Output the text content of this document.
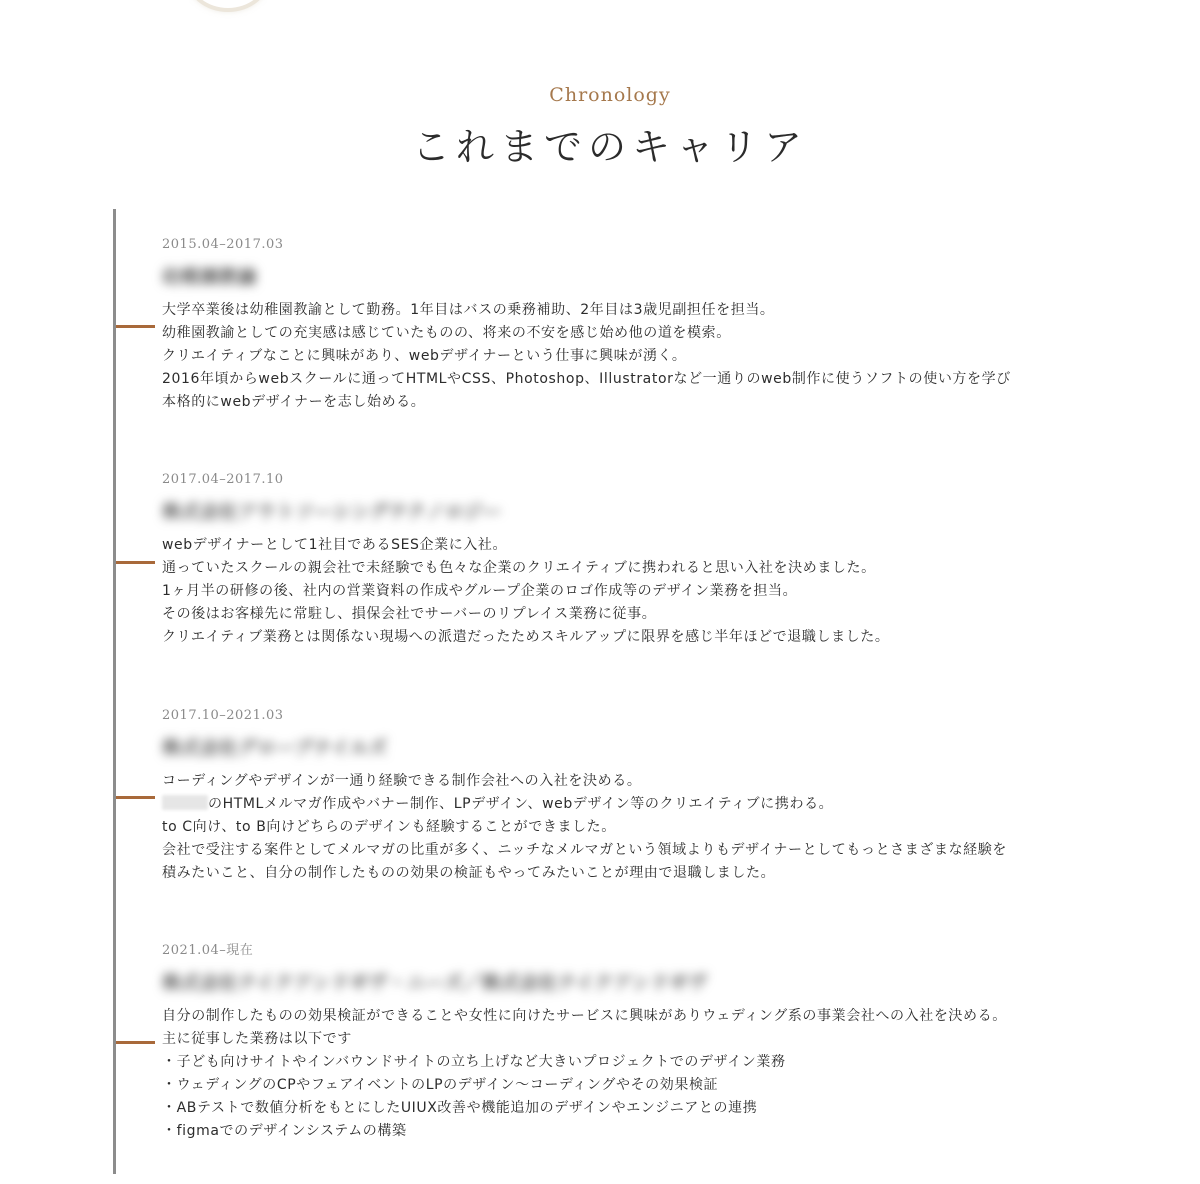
Chronology
これまでのキャリア
2015.04–2017.03
幼稚園教諭
大学卒業後は幼稚園教諭として勤務。1年目はバスの乗務補助、2年目は3歳児副担任を担当。
幼稚園教諭としての充実感は感じていたものの、将来の不安を感じ始め他の道を模索。
クリエイティブなことに興味があり、webデザイナーという仕事に興味が湧く。
2016年頃からwebスクールに通ってHTMLやCSS、Photoshop、Illustratorなど一通りのweb制作に使うソフトの使い方を学び
本格的にwebデザイナーを志し始める。
2017.04–2017.10
株式会社アウトソーシングテクノロジー
webデザイナーとして1社目であるSES企業に入社。
通っていたスクールの親会社で未経験でも色々な企業のクリエイティブに携われると思い入社を決めました。
1ヶ月半の研修の後、社内の営業資料の作成やグループ企業のロゴ作成等のデザイン業務を担当。
その後はお客様先に常駐し、損保会社でサーバーのリプレイス業務に従事。
クリエイティブ業務とは関係ない現場への派遣だったためスキルアップに限界を感じ半年ほどで退職しました。
2017.10–2021.03
株式会社グローブナイルズ
コーディングやデザインが一通り経験できる制作会社への入社を決める。
のHTMLメルマガ作成やバナー制作、LPデザイン、webデザイン等のクリエイティブに携わる。
to C向け、to B向けどちらのデザインも経験することができました。
会社で受注する案件としてメルマガの比重が多く、ニッチなメルマガという領域よりもデザイナーとしてもっとさまざまな経験を
積みたいこと、自分の制作したものの効果の検証もやってみたいことが理由で退職しました。
2021.04–現在
株式会社テイクアンドギヴ・ニーズ／株式会社テイクアンドギヴ
自分の制作したものの効果検証ができることや女性に向けたサービスに興味がありウェディング系の事業会社への入社を決める。
主に従事した業務は以下です
・子ども向けサイトやインバウンドサイトの立ち上げなど大きいプロジェクトでのデザイン業務
・ウェディングのCPやフェアイベントのLPのデザイン～コーディングやその効果検証
・ABテストで数値分析をもとにしたUIUX改善や機能追加のデザインやエンジニアとの連携
・figmaでのデザインシステムの構築
